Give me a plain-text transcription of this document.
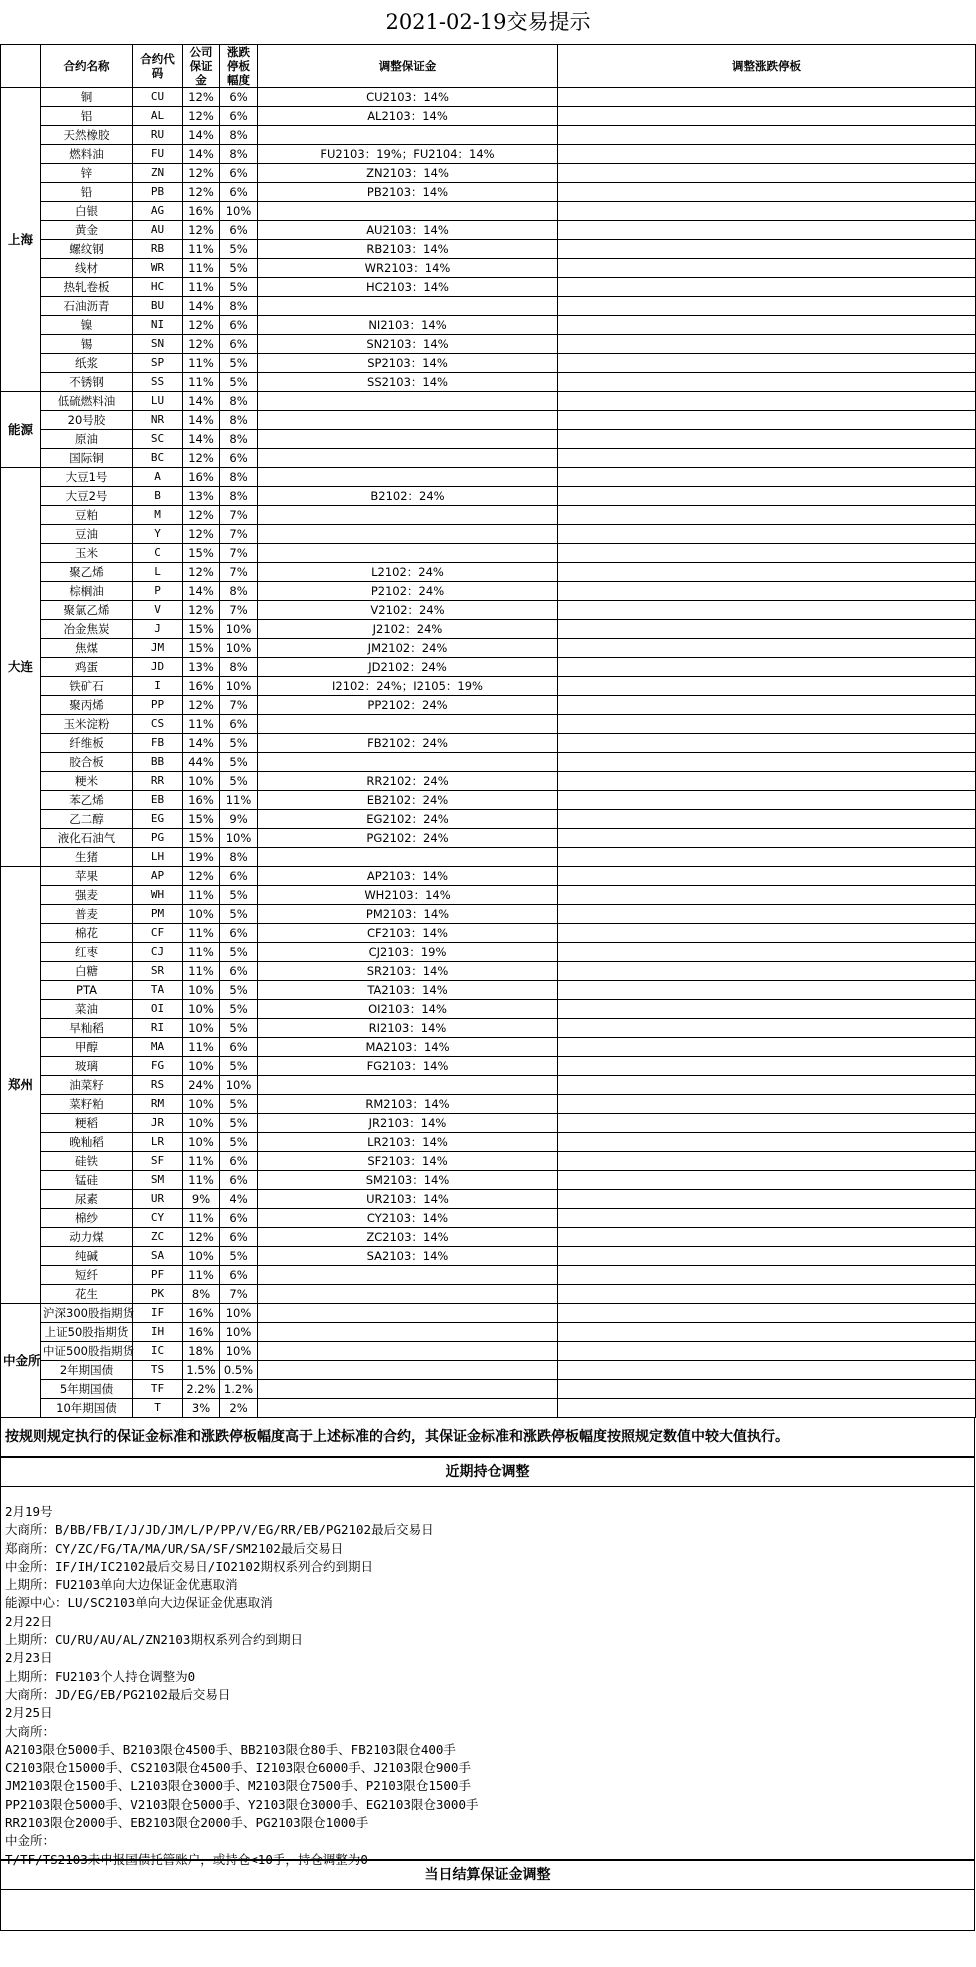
2021-02-19交易提示
	合约名称	合约代码	公司保证金	涨跌停板幅度	调整保证金	调整涨跌停板
上海	铜	CU	12%	6%	CU2103：14%	
	铝	AL	12%	6%	AL2103：14%	
	天然橡胶	RU	14%	8%		
	燃料油	FU	14%	8%	FU2103：19%；FU2104：14%	
	锌	ZN	12%	6%	ZN2103：14%	
	铅	PB	12%	6%	PB2103：14%	
	白银	AG	16%	10%		
	黄金	AU	12%	6%	AU2103：14%	
	螺纹钢	RB	11%	5%	RB2103：14%	
	线材	WR	11%	5%	WR2103：14%	
	热轧卷板	HC	11%	5%	HC2103：14%	
	石油沥青	BU	14%	8%		
	镍	NI	12%	6%	NI2103：14%	
	锡	SN	12%	6%	SN2103：14%	
	纸浆	SP	11%	5%	SP2103：14%	
	不锈钢	SS	11%	5%	SS2103：14%	
能源	低硫燃料油	LU	14%	8%		
	20号胶	NR	14%	8%		
	原油	SC	14%	8%		
	国际铜	BC	12%	6%		
大连	大豆1号	A	16%	8%		
	大豆2号	B	13%	8%	B2102：24%	
	豆粕	M	12%	7%		
	豆油	Y	12%	7%		
	玉米	C	15%	7%		
	聚乙烯	L	12%	7%	L2102：24%	
	棕榈油	P	14%	8%	P2102：24%	
	聚氯乙烯	V	12%	7%	V2102：24%	
	冶金焦炭	J	15%	10%	J2102：24%	
	焦煤	JM	15%	10%	JM2102：24%	
	鸡蛋	JD	13%	8%	JD2102：24%	
	铁矿石	I	16%	10%	I2102：24%；I2105：19%	
	聚丙烯	PP	12%	7%	PP2102：24%	
	玉米淀粉	CS	11%	6%		
	纤维板	FB	14%	5%	FB2102：24%	
	胶合板	BB	44%	5%		
	粳米	RR	10%	5%	RR2102：24%	
	苯乙烯	EB	16%	11%	EB2102：24%	
	乙二醇	EG	15%	9%	EG2102：24%	
	液化石油气	PG	15%	10%	PG2102：24%	
	生猪	LH	19%	8%		
郑州	苹果	AP	12%	6%	AP2103：14%	
	强麦	WH	11%	5%	WH2103：14%	
	普麦	PM	10%	5%	PM2103：14%	
	棉花	CF	11%	6%	CF2103：14%	
	红枣	CJ	11%	5%	CJ2103：19%	
	白糖	SR	11%	6%	SR2103：14%	
	PTA	TA	10%	5%	TA2103：14%	
	菜油	OI	10%	5%	OI2103：14%	
	早籼稻	RI	10%	5%	RI2103：14%	
	甲醇	MA	11%	6%	MA2103：14%	
	玻璃	FG	10%	5%	FG2103：14%	
	油菜籽	RS	24%	10%		
	菜籽粕	RM	10%	5%	RM2103：14%	
	粳稻	JR	10%	5%	JR2103：14%	
	晚籼稻	LR	10%	5%	LR2103：14%	
	硅铁	SF	11%	6%	SF2103：14%	
	锰硅	SM	11%	6%	SM2103：14%	
	尿素	UR	9%	4%	UR2103：14%	
	棉纱	CY	11%	6%	CY2103：14%	
	动力煤	ZC	12%	6%	ZC2103：14%	
	纯碱	SA	10%	5%	SA2103：14%	
	短纤	PF	11%	6%		
	花生	PK	8%	7%		
中金所	沪深300股指期货	IF	16%	10%		
	上证50股指期货	IH	16%	10%		
	中证500股指期货	IC	18%	10%		
	2年期国债	TS	1.5%	0.5%		
	5年期国债	TF	2.2%	1.2%		
	10年期国债	T	3%	2%		
按规则规定执行的保证金标准和涨跌停板幅度高于上述标准的合约，其保证金标准和涨跌停板幅度按照规定数值中较大值执行。
近期持仓调整
2月19号
大商所：B/BB/FB/I/J/JD/JM/L/P/PP/V/EG/RR/EB/PG2102最后交易日
郑商所：CY/ZC/FG/TA/MA/UR/SA/SF/SM2102最后交易日
中金所：IF/IH/IC2102最后交易日/IO2102期权系列合约到期日
上期所：FU2103单向大边保证金优惠取消
能源中心：LU/SC2103单向大边保证金优惠取消
2月22日
上期所：CU/RU/AU/AL/ZN2103期权系列合约到期日
2月23日
上期所：FU2103个人持仓调整为0
大商所：JD/EG/EB/PG2102最后交易日
2月25日
大商所：
A2103限仓5000手、B2103限仓4500手、BB2103限仓80手、FB2103限仓400手
C2103限仓15000手、CS2103限仓4500手、I2103限仓6000手、J2103限仓900手
JM2103限仓1500手、L2103限仓3000手、M2103限仓7500手、P2103限仓1500手
PP2103限仓5000手、V2103限仓5000手、Y2103限仓3000手、EG2103限仓3000手
RR2103限仓2000手、EB2103限仓2000手、PG2103限仓1000手
中金所：
T/TF/TS2103未申报国债托管账户，或持仓<10手，持仓调整为0
当日结算保证金调整
